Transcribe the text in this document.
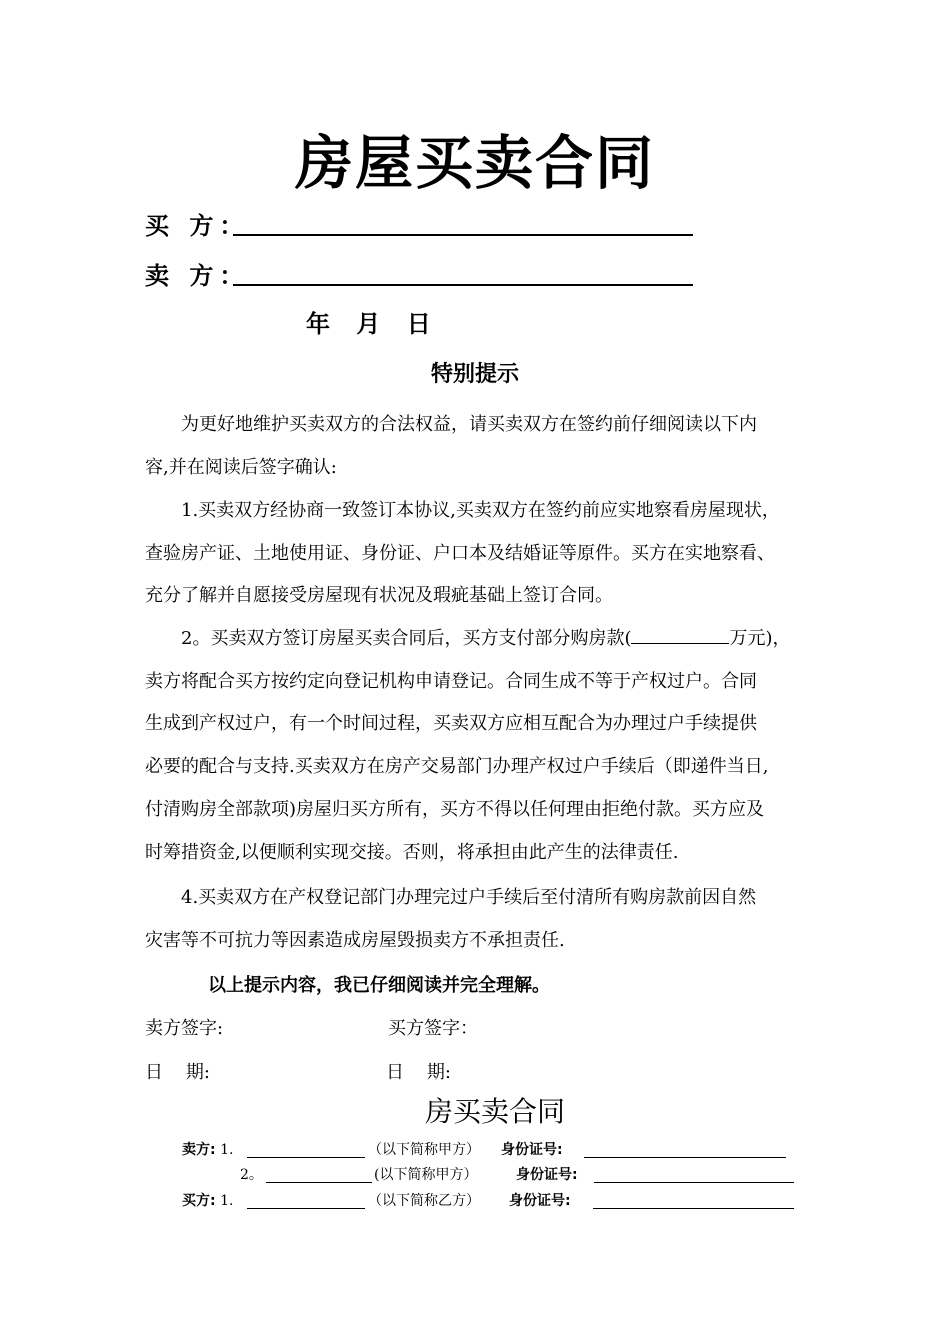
房屋买卖合同
买 方：
卖 方：
年 月 日
特别提示
为更好地维护买卖双方的合法权益，请买卖双方在签约前仔细阅读以下内
容,并在阅读后签字确认:
1.买卖双方经协商一致签订本协议,买卖双方在签约前应实地察看房屋现状，
查验房产证、土地使用证、身份证、户口本及结婚证等原件。买方在实地察看、
充分了解并自愿接受房屋现有状况及瑕疵基础上签订合同。
2。买卖双方签订房屋买卖合同后，买方支付部分购房款(	万元)，
卖方将配合买方按约定向登记机构申请登记。合同生成不等于产权过户。合同
生成到产权过户，有一个时间过程，买卖双方应相互配合为办理过户手续提供
必要的配合与支持.买卖双方在房产交易部门办理产权过户手续后（即递件当日,
付清购房全部款项)房屋归买方所有，买方不得以任何理由拒绝付款。买方应及
时筹措资金,以便顺利实现交接。否则，将承担由此产生的法律责任.
4.买卖双方在产权登记部门办理完过户手续后至付清所有购房款前因自然
灾害等不可抗力等因素造成房屋毁损卖方不承担责任.
以上提示内容，我已仔细阅读并完全理解。
卖方签字:	买方签字：
日    期:	日    期:
房买卖合同
卖方: 1.	（以下简称甲方） 身份证号:
2。	(以下简称甲方）	身份证号:
买方: 1.	（以下简称乙方） 身份证号:
